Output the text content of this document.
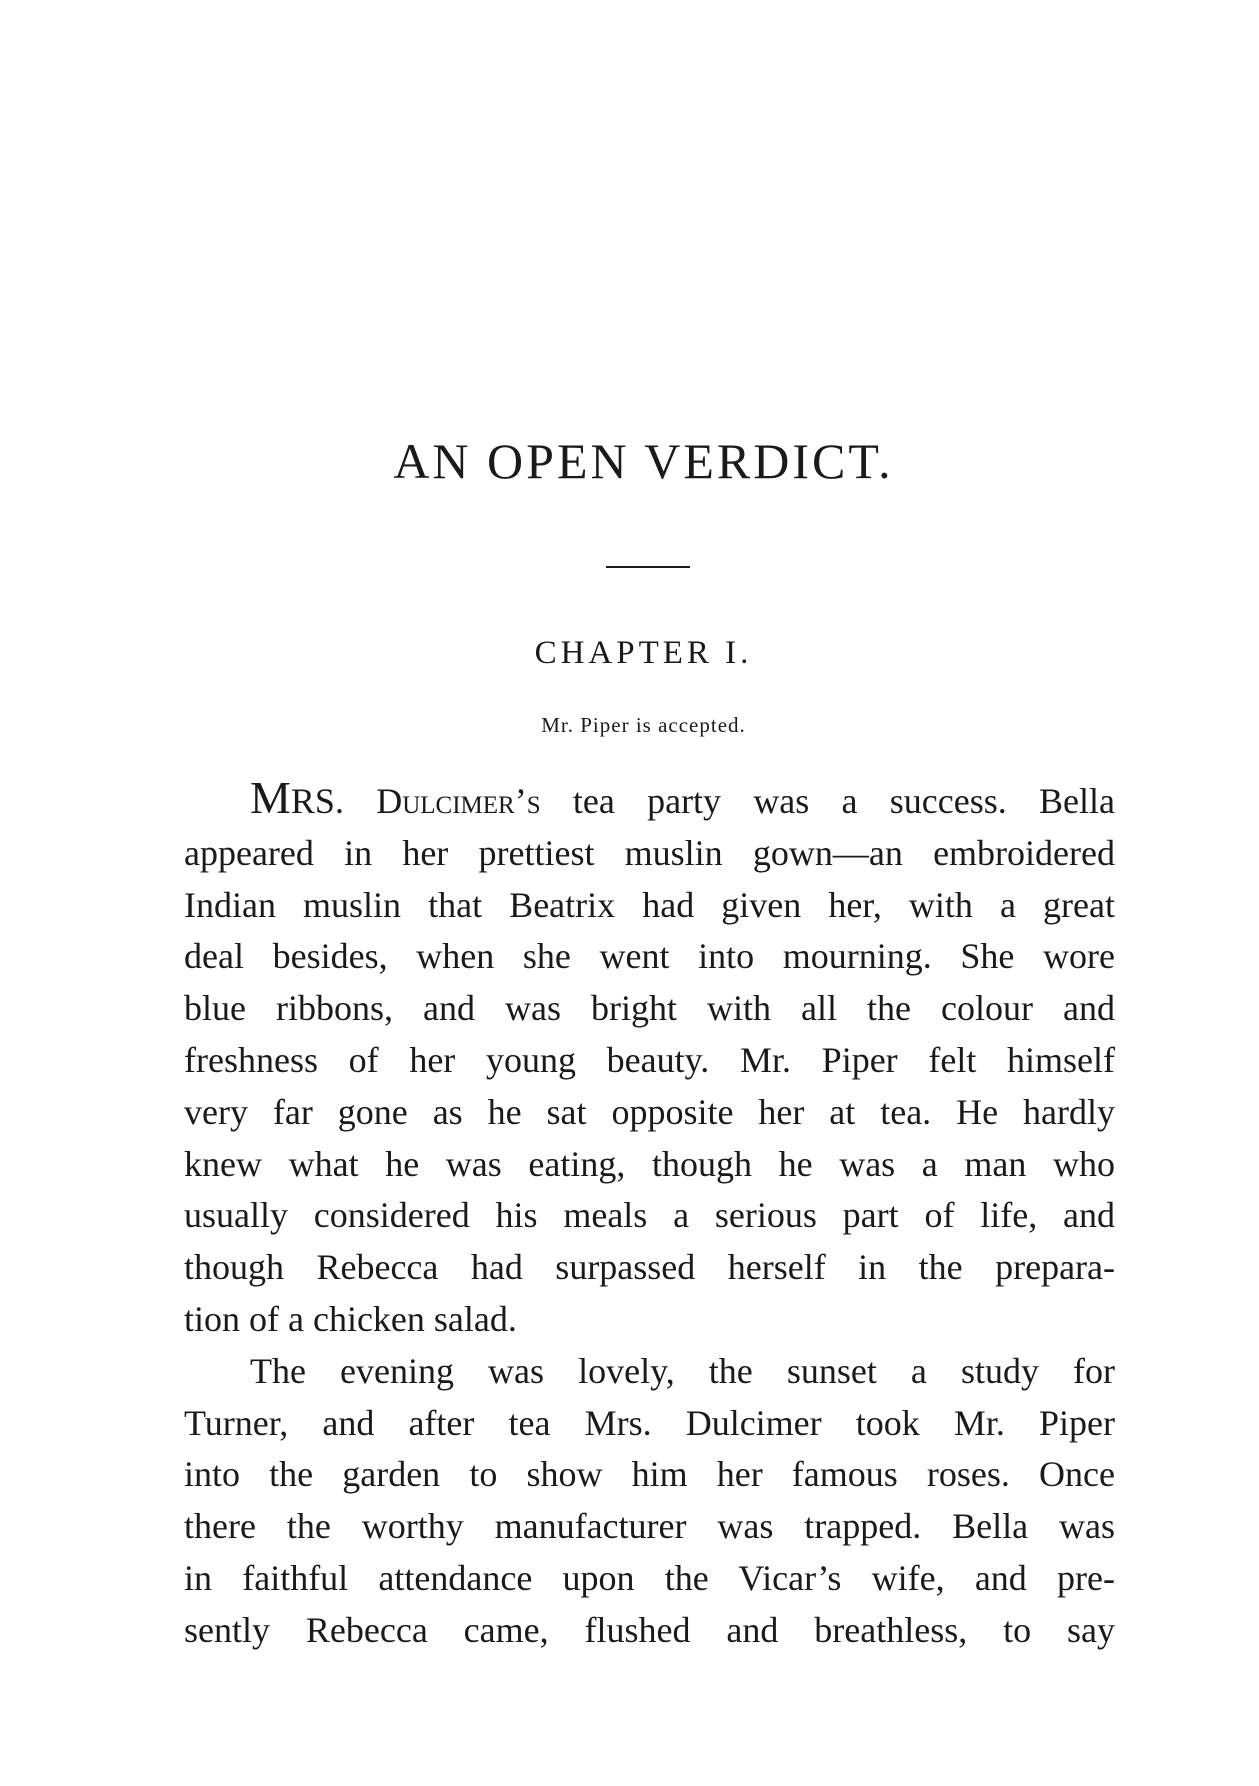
AN OPEN VERDICT.
CHAPTER I.

Mr. Piper is accepted.

MRS. Dulcimer’s tea party was a success. Bella
appeared in her prettiest muslin gown—an embroidered
Indian muslin that Beatrix had given her, with a great
deal besides, when she went into mourning. She wore
blue ribbons, and was bright with all the colour and
freshness of her young beauty. Mr. Piper felt himself
very far gone as he sat opposite her at tea. He hardly
knew what he was eating, though he was a man who
usually considered his meals a serious part of life, and
though Rebecca had surpassed herself in the prepara-
tion of a chicken salad.

The evening was lovely, the sunset a study for
Turner, and after tea Mrs. Dulcimer took Mr. Piper
into the garden to show him her famous roses. Once
there the worthy manufacturer was trapped. Bella was
in faithful attendance upon the Vicar’s wife, and pre-
sently Rebecca came, flushed and breathless, to say
